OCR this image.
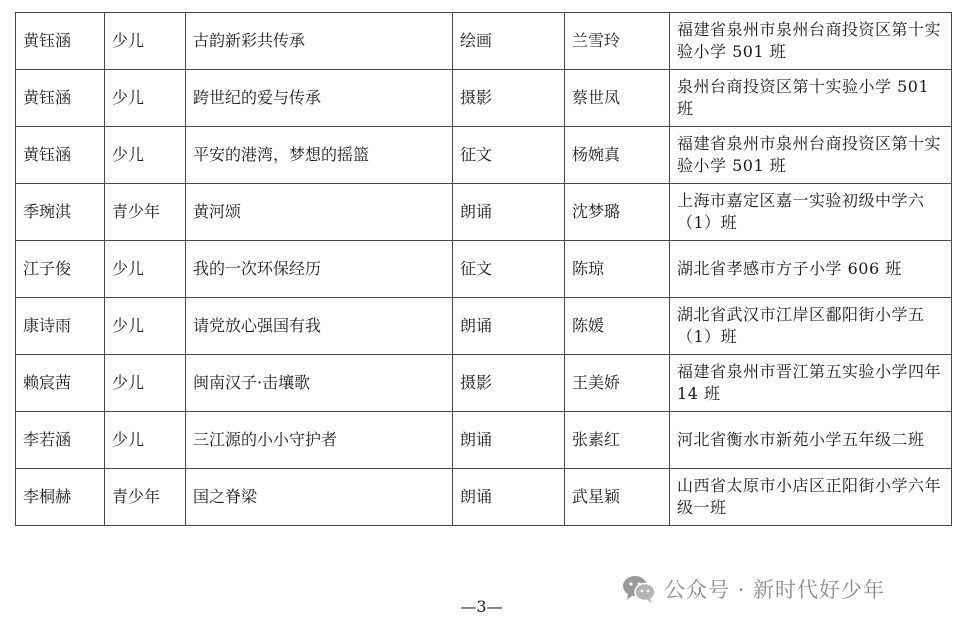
黄钰涵	少儿	古韵新彩共传承	绘画	兰雪玲	福建省泉州市泉州台商投资区第十实验小学 501 班
黄钰涵	少儿	跨世纪的爱与传承	摄影	蔡世凤	泉州台商投资区第十实验小学 501 班
黄钰涵	少儿	平安的港湾，梦想的摇篮	征文	杨婉真	福建省泉州市泉州台商投资区第十实验小学 501 班
季琬淇	青少年	黄河颂	朗诵	沈梦璐	上海市嘉定区嘉一实验初级中学六（1）班
江子俊	少儿	我的一次环保经历	征文	陈琼	湖北省孝感市方子小学 606 班
康诗雨	少儿	请党放心强国有我	朗诵	陈媛	湖北省武汉市江岸区鄱阳街小学五（1）班
赖宸茜	少儿	闽南汉子·击壤歌	摄影	王美娇	福建省泉州市晋江第五实验小学四年 14 班
李若涵	少儿	三江源的小小守护者	朗诵	张素红	河北省衡水市新苑小学五年级二班
李桐赫	青少年	国之脊梁	朗诵	武星颖	山西省太原市小店区正阳街小学六年级一班
公众号 · 新时代好少年
—3—
